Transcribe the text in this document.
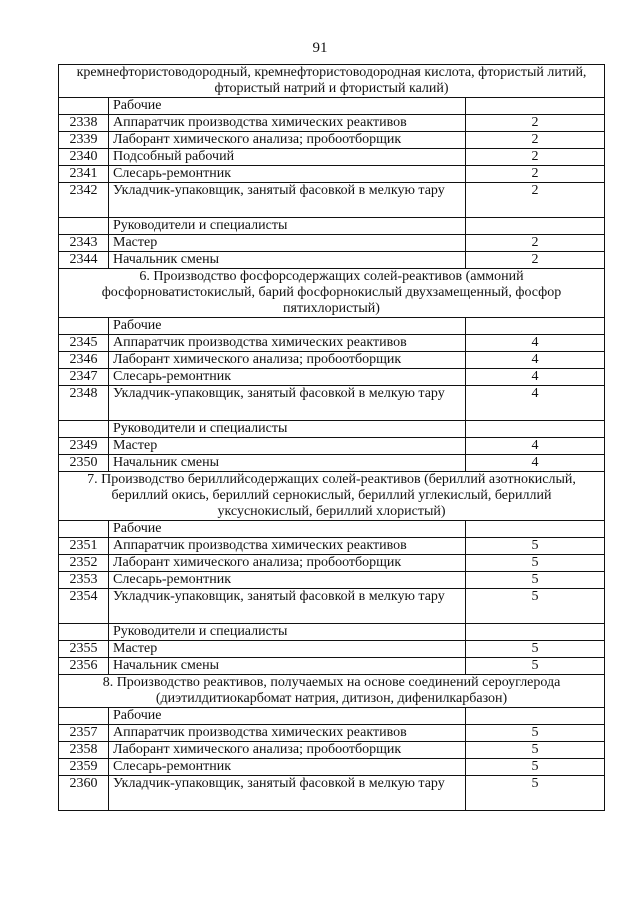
91
кремнефтористоводородный, кремнефтористоводородная кислота, фтористый литий, фтористый натрий и фтористый калий)		
	Рабочие	
2338	Аппаратчик производства химических реактивов	2
2339	Лаборант химического анализа; пробоотборщик	2
2340	Подсобный рабочий	2
2341	Слесарь-ремонтник	2
2342	Укладчик-упаковщик, занятый фасовкой в мелкую тару	2
	Руководители и специалисты	
2343	Мастер	2
2344	Начальник смены	2
6. Производство фосфорсодержащих солей-реактивов (аммоний фосфорноватистокислый, барий фосфорнокислый двухзамещенный, фосфор пятихлористый)		
	Рабочие	
2345	Аппаратчик производства химических реактивов	4
2346	Лаборант химического анализа; пробоотборщик	4
2347	Слесарь-ремонтник	4
2348	Укладчик-упаковщик, занятый фасовкой в мелкую тару	4
	Руководители и специалисты	
2349	Мастер	4
2350	Начальник смены	4
7. Производство бериллийсодержащих солей-реактивов (бериллий азотнокислый, бериллий окись, бериллий сернокислый, бериллий углекислый, бериллий уксуснокислый, бериллий хлористый)		
	Рабочие	
2351	Аппаратчик производства химических реактивов	5
2352	Лаборант химического анализа; пробоотборщик	5
2353	Слесарь-ремонтник	5
2354	Укладчик-упаковщик, занятый фасовкой в мелкую тару	5
	Руководители и специалисты	
2355	Мастер	5
2356	Начальник смены	5
8. Производство реактивов, получаемых на основе соединений сероуглерода (диэтилдитиокарбомат натрия, дитизон, дифенилкарбазон)		
	Рабочие	
2357	Аппаратчик производства химических реактивов	5
2358	Лаборант химического анализа; пробоотборщик	5
2359	Слесарь-ремонтник	5
2360	Укладчик-упаковщик, занятый фасовкой в мелкую тару	5
